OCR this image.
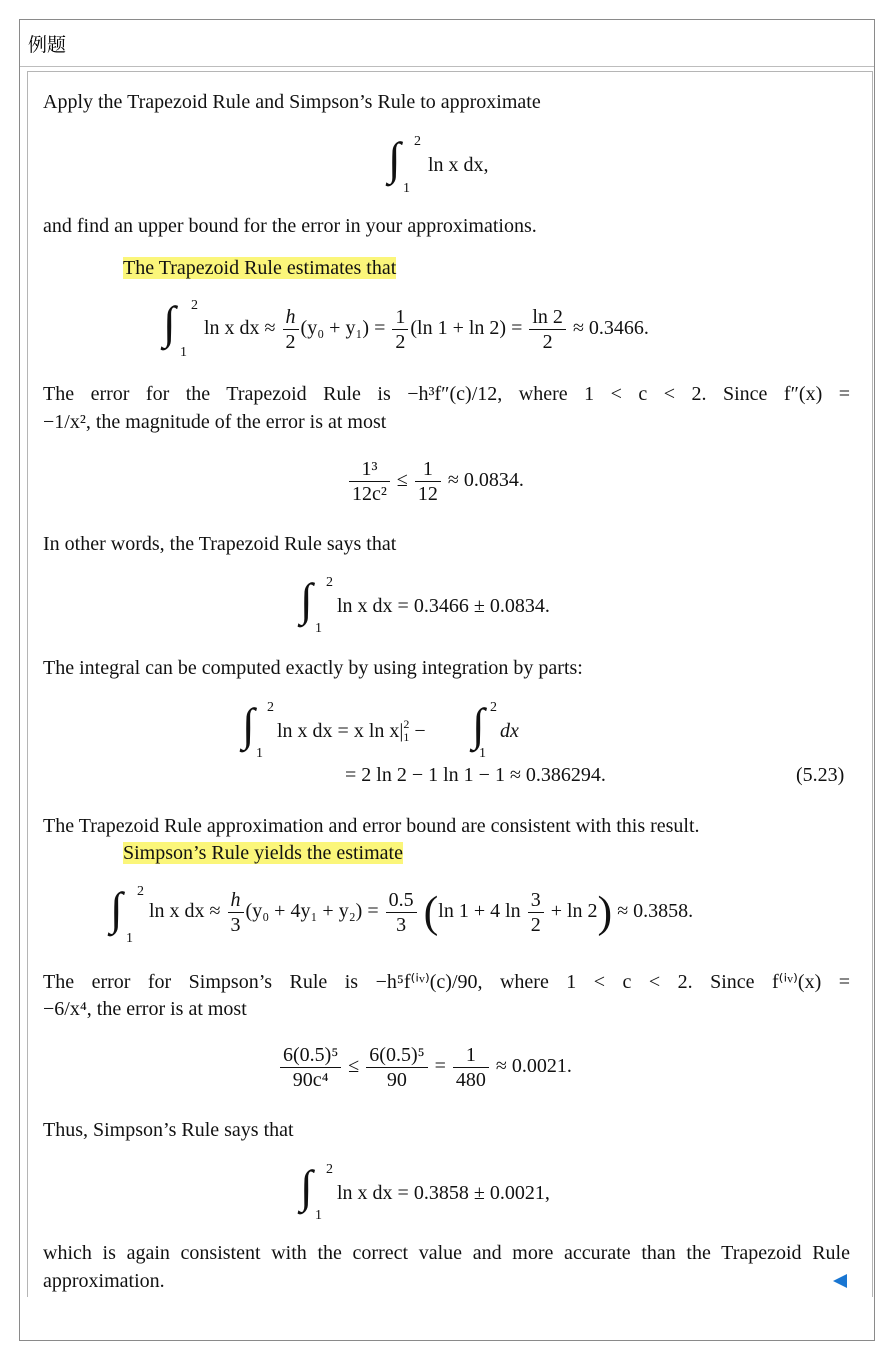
例题
Apply the Trapezoid Rule and Simpson’s Rule to approximate
∫ 2
1
ln x dx,
and find an upper bound for the error in your approximations.
The Trapezoid Rule estimates that
∫ 2
1
ln x dx ≈ $\frac{h}{2} (y_0 + y_1) = \frac{1}{2} (\ln$ $1 + \ln 2) = \frac{\ln 2}{2} \approx 0.3466$.
The error for the Trapezoid Rule is −h³f″(c)/12, where 1 < c < 2. Since f″(x) =
−1/x², the magnitude of the error is at most
$\frac{\text{1³}}{\text{12c²}} \le \frac{1}{12} \approx 0.0834$.
In other words, the Trapezoid Rule says that
∫ 2
1
ln x dx = 0.3466 ± 0.0834.
The integral can be computed exactly by using integration by parts:
∫ 2
1
ln x dx = x $\ln x|^2_1$ − ∫ 2
1
dx
= 2 ln 2 − 1 ln 1 − 1 ≈ 0.386294.	(5.23)
The Trapezoid Rule approximation and error bound are consistent with this result.
Simpson’s Rule yields the estimate
∫ 2
1
ln x dx ≈ $\frac{h}{3} (y_0 + 4y_1 + y_2) = \frac{0.5}{3} (\ln$ 1 + 4 $\ln \frac{3}{2} + \ln 2) \approx 0.3858$.
The error for Simpson’s Rule is −h⁵f⁽ⁱᵛ⁾(c)/90, where 1 < c < 2. Since f⁽ⁱᵛ⁾(x) =
−6/x⁴, the error is at most
$\frac{\text{6(0.5)⁵}}{\text{90c⁴}} \le \frac{\text{6(0.5)⁵}}{90} = \frac{1}{480} \approx 0.0021$.
Thus, Simpson’s Rule says that
∫ 2
1
ln x dx = 0.3858 ± 0.0021,
which is again consistent with the correct value and more accurate than the Trapezoid Rule
approximation.
